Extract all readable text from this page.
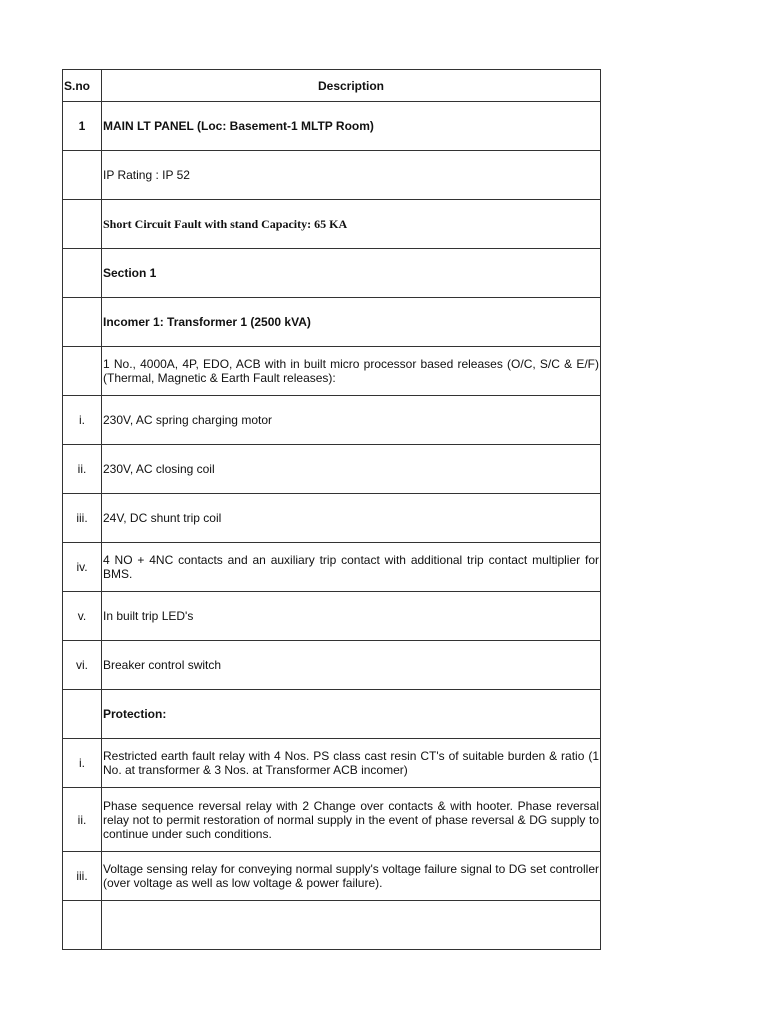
S.no	Description
1	MAIN LT PANEL (Loc: Basement-1 MLTP Room)
	IP Rating : IP 52
	Short Circuit Fault with stand Capacity: 65 KA
	Section 1
	Incomer 1: Transformer 1 (2500 kVA)
	1 No., 4000A, 4P, EDO, ACB with in built micro processor based releases (O/C, S/C & E/F) (Thermal, Magnetic & Earth Fault releases):
i.	230V, AC spring charging motor
ii.	230V, AC closing coil
iii.	24V, DC shunt trip coil
iv.	4 NO + 4NC contacts and an auxiliary trip contact with additional trip contact multiplier for BMS.
v.	In built trip LED's
vi.	Breaker control switch
	Protection:
i.	Restricted earth fault relay with 4 Nos. PS class cast resin CT's of suitable burden & ratio (1 No. at transformer & 3 Nos. at Transformer ACB incomer)
ii.	Phase sequence reversal relay with 2 Change over contacts & with hooter. Phase reversal relay not to permit restoration of normal supply in the event of phase reversal & DG supply to continue under such conditions.
iii.	Voltage sensing relay for conveying normal supply's voltage failure signal to DG set controller (over voltage as well as low voltage & power failure).
